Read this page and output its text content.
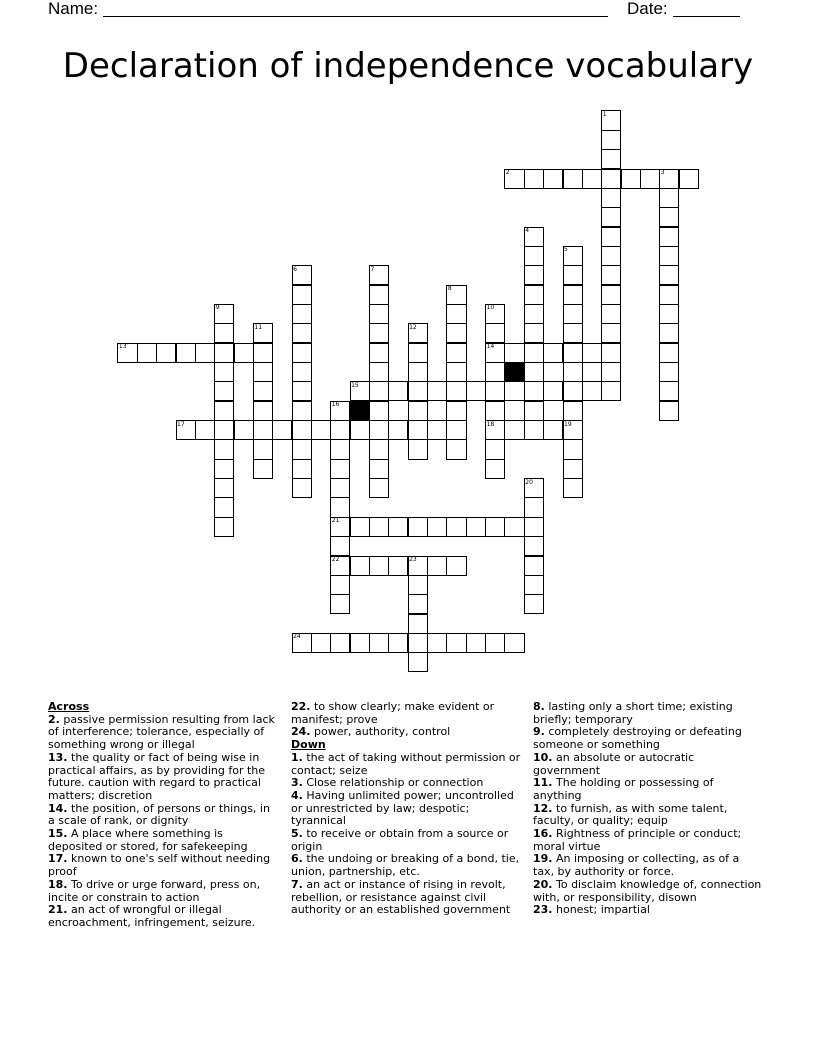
Name:	Date:
Declaration of independence vocabulary
1
2	3
4
5
6	7
8
9	10
11	12
13	14
15
16
17	18	19
20
21
22	23
24
Across
2. passive permission resulting from lack of interference; tolerance, especially of something wrong or illegal
13. the quality or fact of being wise in practical affairs, as by providing for the future. caution with regard to practical matters; discretion
14. the position, of persons or things, in a scale of rank, or dignity
15. A place where something is deposited or stored, for safekeeping
17. known to one's self without needing proof
18. To drive or urge forward, press on, incite or constrain to action
21. an act of wrongful or illegal encroachment, infringement, seizure.
22. to show clearly; make evident or manifest; prove
24. power, authority, control
Down
1. the act of taking without permission or contact; seize
3. Close relationship or connection
4. Having unlimited power; uncontrolled or unrestricted by law; despotic; tyrannical
5. to receive or obtain from a source or origin
6. the undoing or breaking of a bond, tie, union, partnership, etc.
7. an act or instance of rising in revolt, rebellion, or resistance against civil authority or an established government
8. lasting only a short time; existing briefly; temporary
9. completely destroying or defeating someone or something
10. an absolute or autocratic government
11. The holding or possessing of anything
12. to furnish, as with some talent, faculty, or quality; equip
16. Rightness of principle or conduct; moral virtue
19. An imposing or collecting, as of a tax, by authority or force.
20. To disclaim knowledge of, connection with, or responsibility, disown
23. honest; impartial
